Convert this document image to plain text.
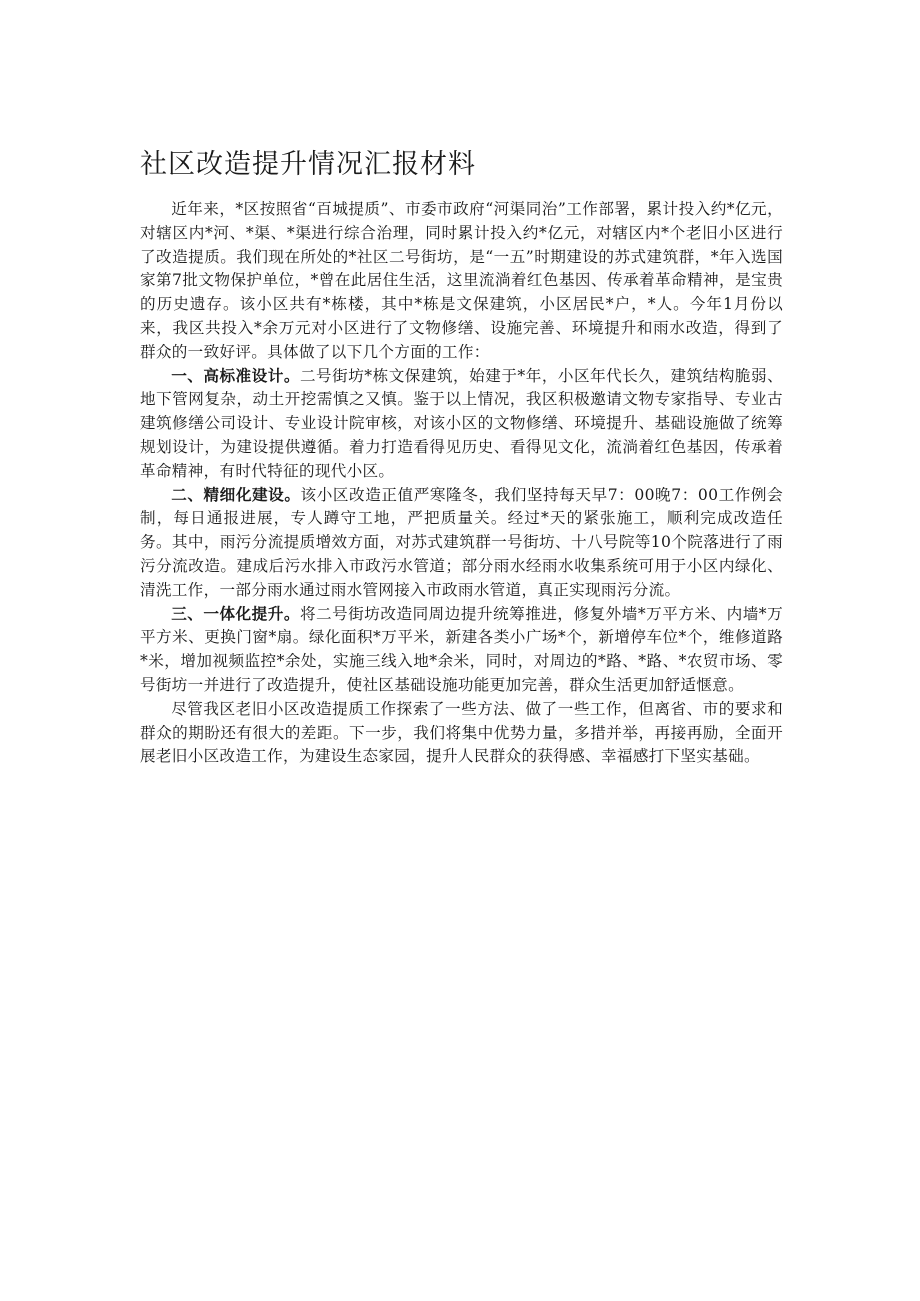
社区改造提升情况汇报材料

近年来，*区按照省“百城提质”、市委市政府“河渠同治”工作部署，累计投入约*亿元，对辖区内*河、*渠、*渠进行综合治理，同时累计投入约*亿元，对辖区内*个老旧小区进行了改造提质。我们现在所处的*社区二号街坊，是“一五”时期建设的苏式建筑群，*年入选国家第7批文物保护单位，*曾在此居住生活，这里流淌着红色基因、传承着革命精神，是宝贵的历史遗存。该小区共有*栋楼，其中*栋是文保建筑，小区居民*户，*人。今年1月份以来，我区共投入*余万元对小区进行了文物修缮、设施完善、环境提升和雨水改造，得到了群众的一致好评。具体做了以下几个方面的工作：

一、高标准设计。二号街坊*栋文保建筑，始建于*年，小区年代长久，建筑结构脆弱、地下管网复杂，动土开挖需慎之又慎。鉴于以上情况，我区积极邀请文物专家指导、专业古建筑修缮公司设计、专业设计院审核，对该小区的文物修缮、环境提升、基础设施做了统筹规划设计，为建设提供遵循。着力打造看得见历史、看得见文化，流淌着红色基因，传承着革命精神，有时代特征的现代小区。

二、精细化建设。该小区改造正值严寒隆冬，我们坚持每天早7：00晚7：00工作例会制，每日通报进展，专人蹲守工地，严把质量关。经过*天的紧张施工，顺利完成改造任务。其中，雨污分流提质增效方面，对苏式建筑群一号街坊、十八号院等10个院落进行了雨污分流改造。建成后污水排入市政污水管道；部分雨水经雨水收集系统可用于小区内绿化、清洗工作，一部分雨水通过雨水管网接入市政雨水管道，真正实现雨污分流。

三、一体化提升。将二号街坊改造同周边提升统筹推进，修复外墙*万平方米、内墙*万平方米、更换门窗*扇。绿化面积*万平米，新建各类小广场*个，新增停车位*个，维修道路*米，增加视频监控*余处，实施三线入地*余米，同时，对周边的*路、*路、*农贸市场、零号街坊一并进行了改造提升，使社区基础设施功能更加完善，群众生活更加舒适惬意。

尽管我区老旧小区改造提质工作探索了一些方法、做了一些工作，但离省、市的要求和群众的期盼还有很大的差距。下一步，我们将集中优势力量，多措并举，再接再励，全面开展老旧小区改造工作，为建设生态家园，提升人民群众的获得感、幸福感打下坚实基础。
